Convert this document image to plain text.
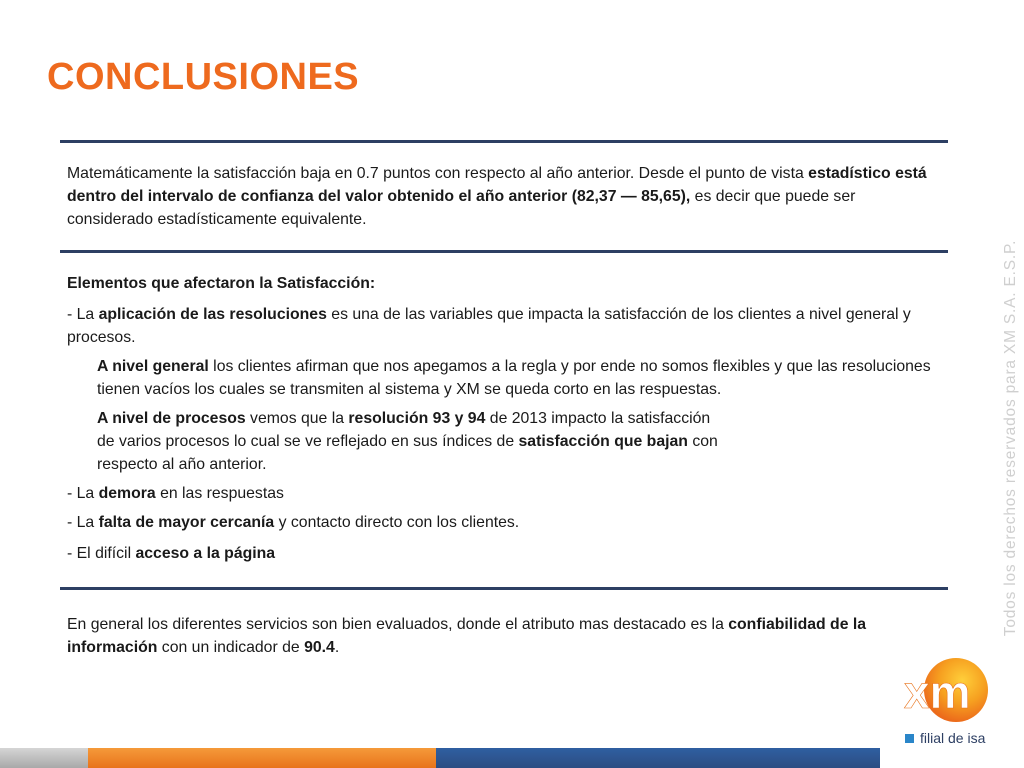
CONCLUSIONES

Matemáticamente la satisfacción baja en 0.7 puntos con respecto al año anterior. Desde el punto de vista estadístico está dentro del intervalo de confianza del valor obtenido el año anterior (82,37 — 85,65), es decir que puede ser considerado estadísticamente equivalente.

Elementos que afectaron la Satisfacción:

- La aplicación de las resoluciones es una de las variables que impacta la satisfacción de los clientes a nivel general y procesos.

A nivel general los clientes afirman que nos apegamos a la regla y por ende no somos flexibles y que las resoluciones tienen vacíos los cuales se transmiten al sistema y XM se queda corto en las respuestas.

A nivel de procesos vemos que la resolución 93 y 94 de 2013 impacto la satisfacción de varios procesos lo cual se ve reflejado en sus índices de satisfacción que bajan con respecto al año anterior.

- La demora en las respuestas

- La falta de mayor cercanía y contacto directo con los clientes.

- El difícil acceso a la página

En general los diferentes servicios son bien evaluados, donde el atributo mas destacado es la confiabilidad de la información con un indicador de 90.4.

Todos los derechos reservados para XM S.A. E.S.P.
xm
filial de isa
